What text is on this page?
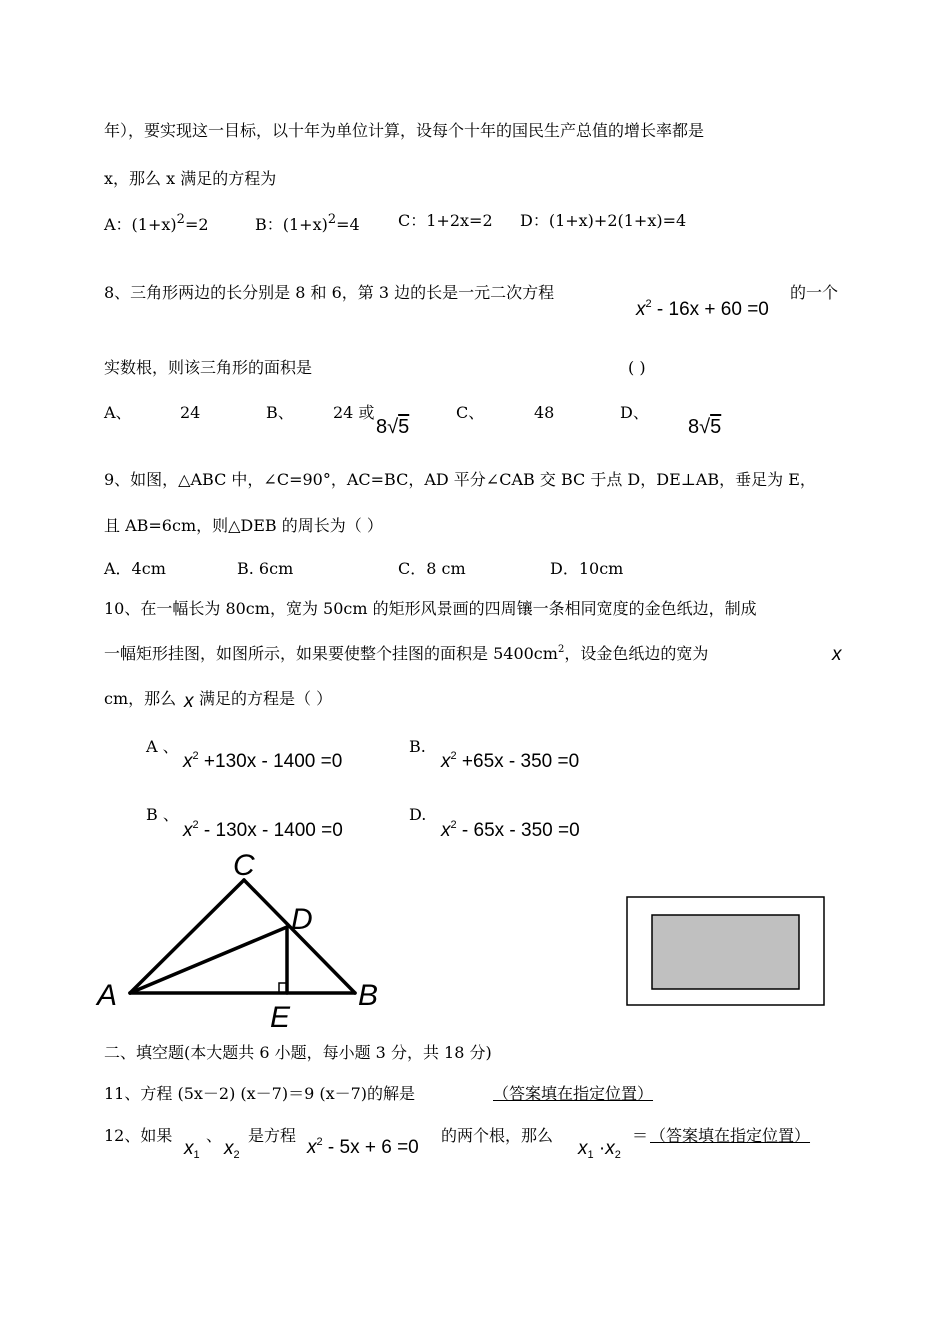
年），要实现这一目标，以十年为单位计算，设每个十年的国民生产总值的增长率都是
x，那么 x 满足的方程为
A：$(1+x)^2=2$	B：$(1+x)^2=4$ C：1+2x=2 D：(1+x)+2(1+x)=4
8、三角形两边的长分别是 8 和 6，第 3 边的长是一元二次方程
$x^2 - 16x + 60 =0$
的一个
实数根，则该三角形的面积是	( )
A、	24	B、 24 或
8√5
C、	48	D、
8√5
9、如图，△ABC 中，∠C=90°，AC=BC，AD 平分∠CAB 交 BC 于点 D，DE⊥AB，垂足为 E，
且 AB=6cm，则△DEB 的周长为（ ）
A．4cm	B. 6cm	C．8 cm	D．10cm
10、在一幅长为 80cm，宽为 50cm 的矩形风景画的四周镶一条相同宽度的金色纸边，制成
一幅矩形挂图，如图所示，如果要使整个挂图的面积是 $5400cm^2$，设金色纸边的宽为	x
cm，那么 x 满足的方程是（ ）
A 、
$x^2 +130x - 1400 =0$
B.
$x^2 +65x - 350 =0$
B 、
$x^2 - 130x - 1400 =0$
D.
$x^2 - 65x - 350 =0$
A	B
C
D
E
二、填空题(本大题共 6 小题，每小题 3 分，共 18 分)
11、方程 (5x－2) (x－7)＝9 (x－7)的解是	（答案填在指定位置）
12、如果
$x_1$
、
$x_2$
是方程
$x^2 - 5x + 6 =0$
的两个根，那么
$x_1 \cdot x_2$
＝ （答案填在指定位置）
